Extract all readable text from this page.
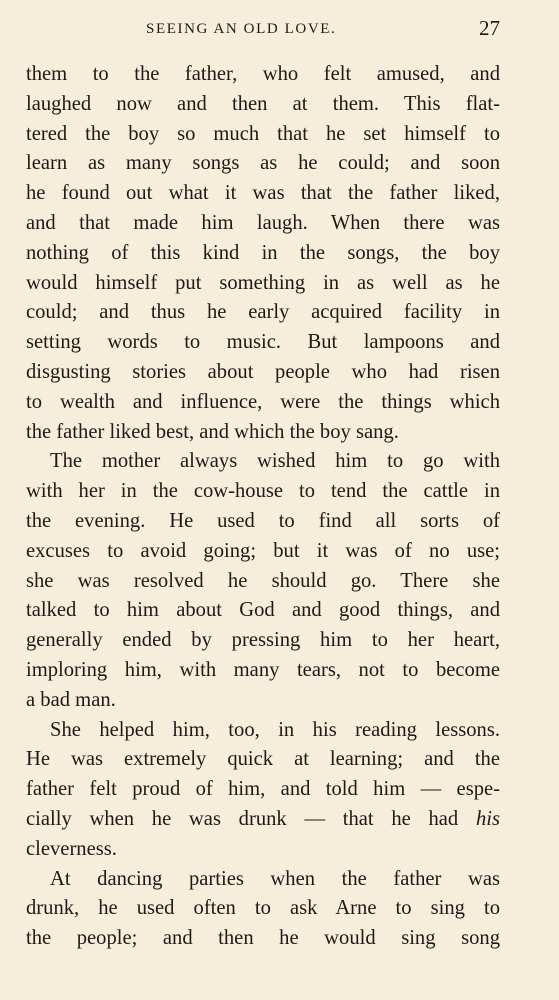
SEEING AN OLD LOVE.	27
them to the father, who felt amused, and
laughed now and then at them. This flat-
tered the boy so much that he set himself to
learn as many songs as he could; and soon
he found out what it was that the father liked,
and that made him laugh. When there was
nothing of this kind in the songs, the boy
would himself put something in as well as he
could; and thus he early acquired facility in
setting words to music. But lampoons and
disgusting stories about people who had risen
to wealth and influence, were the things which
the father liked best, and which the boy sang.
The mother always wished him to go with
with her in the cow-house to tend the cattle in
the evening. He used to find all sorts of
excuses to avoid going; but it was of no use;
she was resolved he should go. There she
talked to him about God and good things, and
generally ended by pressing him to her heart,
imploring him, with many tears, not to become
a bad man.
She helped him, too, in his reading lessons.
He was extremely quick at learning; and the
father felt proud of him, and told him — espe-
cially when he was drunk — that he had his
cleverness.
At dancing parties when the father was
drunk, he used often to ask Arne to sing to
the people; and then he would sing song
